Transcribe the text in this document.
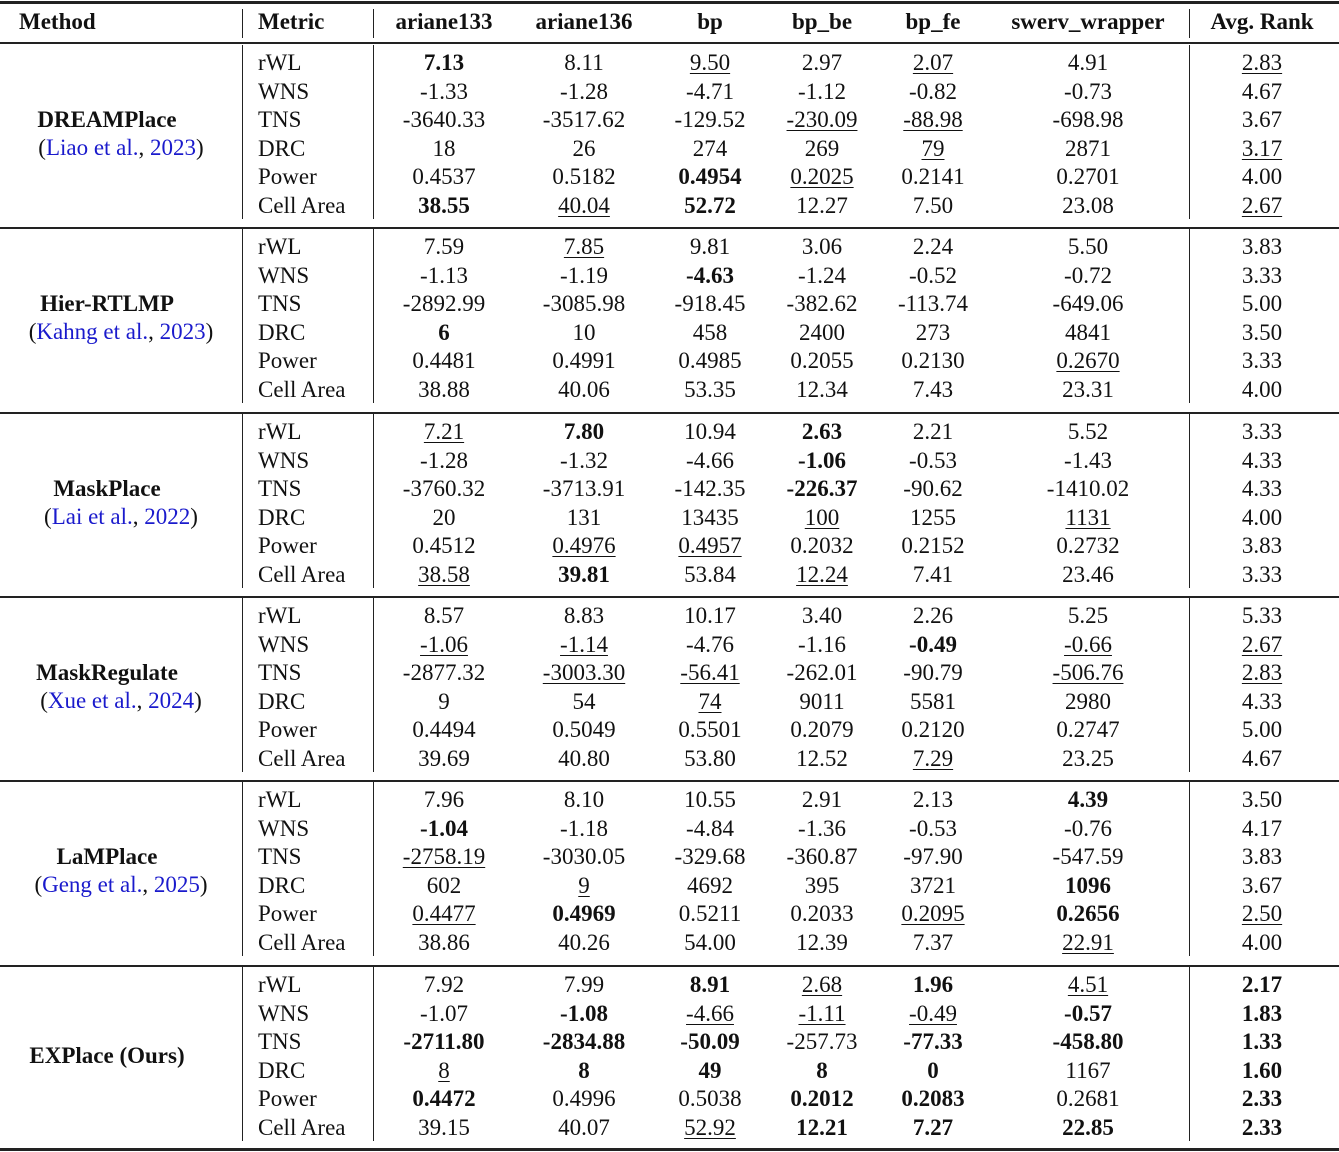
Method	Metric	ariane133	ariane136	bp	bp_be	bp_fe	swerv_wrapper	Avg. Rank
DREAMPlace
(Liao et al., 2023)
rWL	7.13	8.11	9.50	2.97	2.07	4.91	2.83
WNS	-1.33	-1.28	-4.71	-1.12	-0.82	-0.73	4.67
TNS	-3640.33	-3517.62	-129.52	-230.09	-88.98	-698.98	3.67
DRC	18	26	274	269	79	2871	3.17
Power	0.4537	0.5182	0.4954	0.2025	0.2141	0.2701	4.00
Cell Area	38.55	40.04	52.72	12.27	7.50	23.08	2.67
Hier-RTLMP
(Kahng et al., 2023)
rWL	7.59	7.85	9.81	3.06	2.24	5.50	3.83
WNS	-1.13	-1.19	-4.63	-1.24	-0.52	-0.72	3.33
TNS	-2892.99	-3085.98	-918.45	-382.62	-113.74	-649.06	5.00
DRC	6	10	458	2400	273	4841	3.50
Power	0.4481	0.4991	0.4985	0.2055	0.2130	0.2670	3.33
Cell Area	38.88	40.06	53.35	12.34	7.43	23.31	4.00
MaskPlace
(Lai et al., 2022)
rWL	7.21	7.80	10.94	2.63	2.21	5.52	3.33
WNS	-1.28	-1.32	-4.66	-1.06	-0.53	-1.43	4.33
TNS	-3760.32	-3713.91	-142.35	-226.37	-90.62	-1410.02	4.33
DRC	20	131	13435	100	1255	1131	4.00
Power	0.4512	0.4976	0.4957	0.2032	0.2152	0.2732	3.83
Cell Area	38.58	39.81	53.84	12.24	7.41	23.46	3.33
MaskRegulate
(Xue et al., 2024)
rWL	8.57	8.83	10.17	3.40	2.26	5.25	5.33
WNS	-1.06	-1.14	-4.76	-1.16	-0.49	-0.66	2.67
TNS	-2877.32	-3003.30	-56.41	-262.01	-90.79	-506.76	2.83
DRC	9	54	74	9011	5581	2980	4.33
Power	0.4494	0.5049	0.5501	0.2079	0.2120	0.2747	5.00
Cell Area	39.69	40.80	53.80	12.52	7.29	23.25	4.67
LaMPlace
(Geng et al., 2025)
rWL	7.96	8.10	10.55	2.91	2.13	4.39	3.50
WNS	-1.04	-1.18	-4.84	-1.36	-0.53	-0.76	4.17
TNS	-2758.19	-3030.05	-329.68	-360.87	-97.90	-547.59	3.83
DRC	602	9	4692	395	3721	1096	3.67
Power	0.4477	0.4969	0.5211	0.2033	0.2095	0.2656	2.50
Cell Area	38.86	40.26	54.00	12.39	7.37	22.91	4.00
EXPlace (Ours)
rWL	7.92	7.99	8.91	2.68	1.96	4.51	2.17
WNS	-1.07	-1.08	-4.66	-1.11	-0.49	-0.57	1.83
TNS	-2711.80	-2834.88	-50.09	-257.73	-77.33	-458.80	1.33
DRC	8	8	49	8	0	1167	1.60
Power	0.4472	0.4996	0.5038	0.2012	0.2083	0.2681	2.33
Cell Area	39.15	40.07	52.92	12.21	7.27	22.85	2.33
